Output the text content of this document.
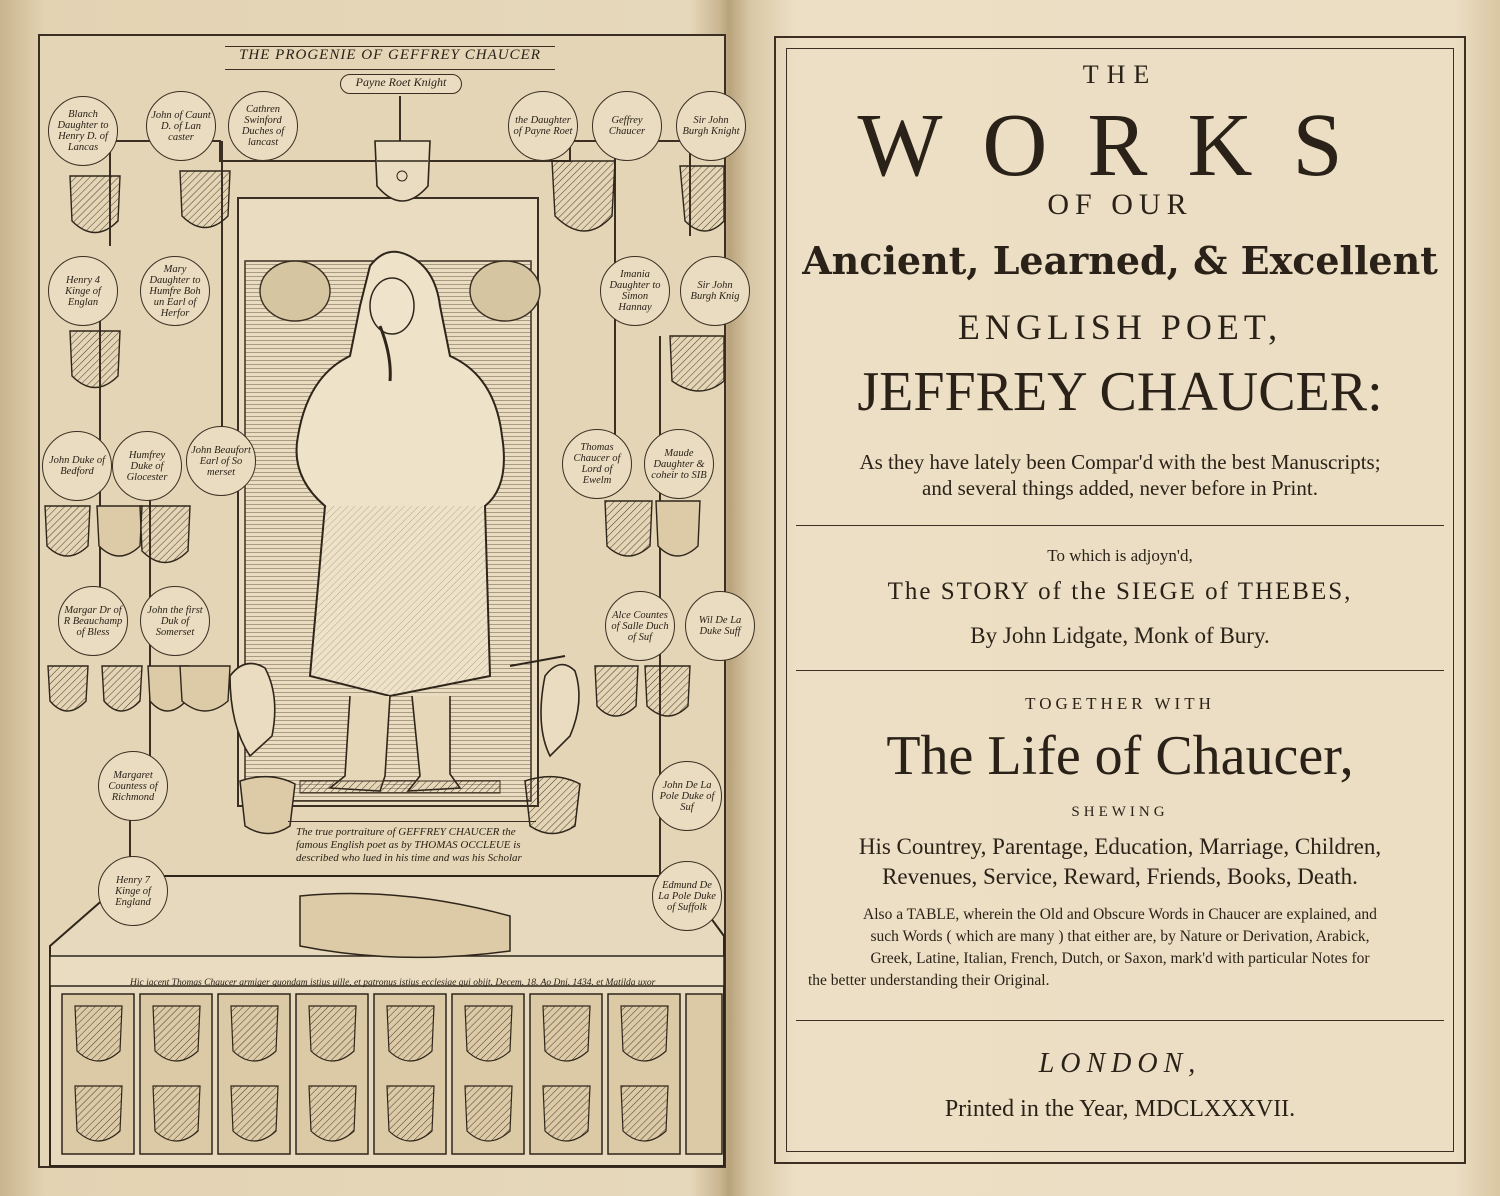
THE PROGENIE OF GEFFREY CHAUCER
Payne Roet Knight
Blanch Daughter to Henry D. of Lancas
John of Caunt D. of Lan caster
Cathren Swinford Duches of lancast
Henry 4 Kinge of Englan
Mary Daughter to Humfre Boh un Earl of Herfor
John Duke of Bedford
Humfrey Duke of Glocester
John Beaufort Earl of So merset
Margar Dr of R Beauchamp of Bless
John the first Duk of Somerset
Margaret Countess of Richmond
Henry 7 Kinge of England
the Daughter of Payne Roet
Geffrey Chaucer
Sir John Burgh Knight
Imania Daughter to Simon Hannay
Sir John Burgh Knig
Thomas Chaucer of Lord of Ewelm
Maude Daughter & coheir to SIB
Alce Countes of Salle Duch of Suf
Wil De La Duke Suff
John De La Pole Duke of Suf
Edmund De La Pole Duke of Suffolk
The true portraiture of GEFFREY CHAUCER the famous English poet as by THOMAS OCCLEUE is described who lued in his time and was his Scholar
Hic iacent Thomas Chaucer armiger quondam istius uille, et patronus istius ecclesiae qui obijt. Decem. 18. Ao Dni. 1434. et Matilda uxor
THE
WORKS
OF OUR
Ancient, Learned, & Excellent
ENGLISH POET,
JEFFREY CHAUCER:
As they have lately been Compar'd with the best Manuscripts;
and several things added, never before in Print.
To which is adjoyn'd,
The STORY of the SIEGE of THEBES,
By John Lidgate, Monk of Bury.
TOGETHER WITH
The Life of Chaucer,
SHEWING
His Countrey, Parentage, Education, Marriage, Children,
Revenues, Service, Reward, Friends, Books, Death.
Also a TABLE, wherein the Old and Obscure Words in Chaucer are explained, and
such Words ( which are many ) that either are, by Nature or Derivation, Arabick,
Greek, Latine, Italian, French, Dutch, or Saxon, mark'd with particular Notes for
the better understanding their Original.
LONDON,
Printed in the Year, MDCLXXXVII.
